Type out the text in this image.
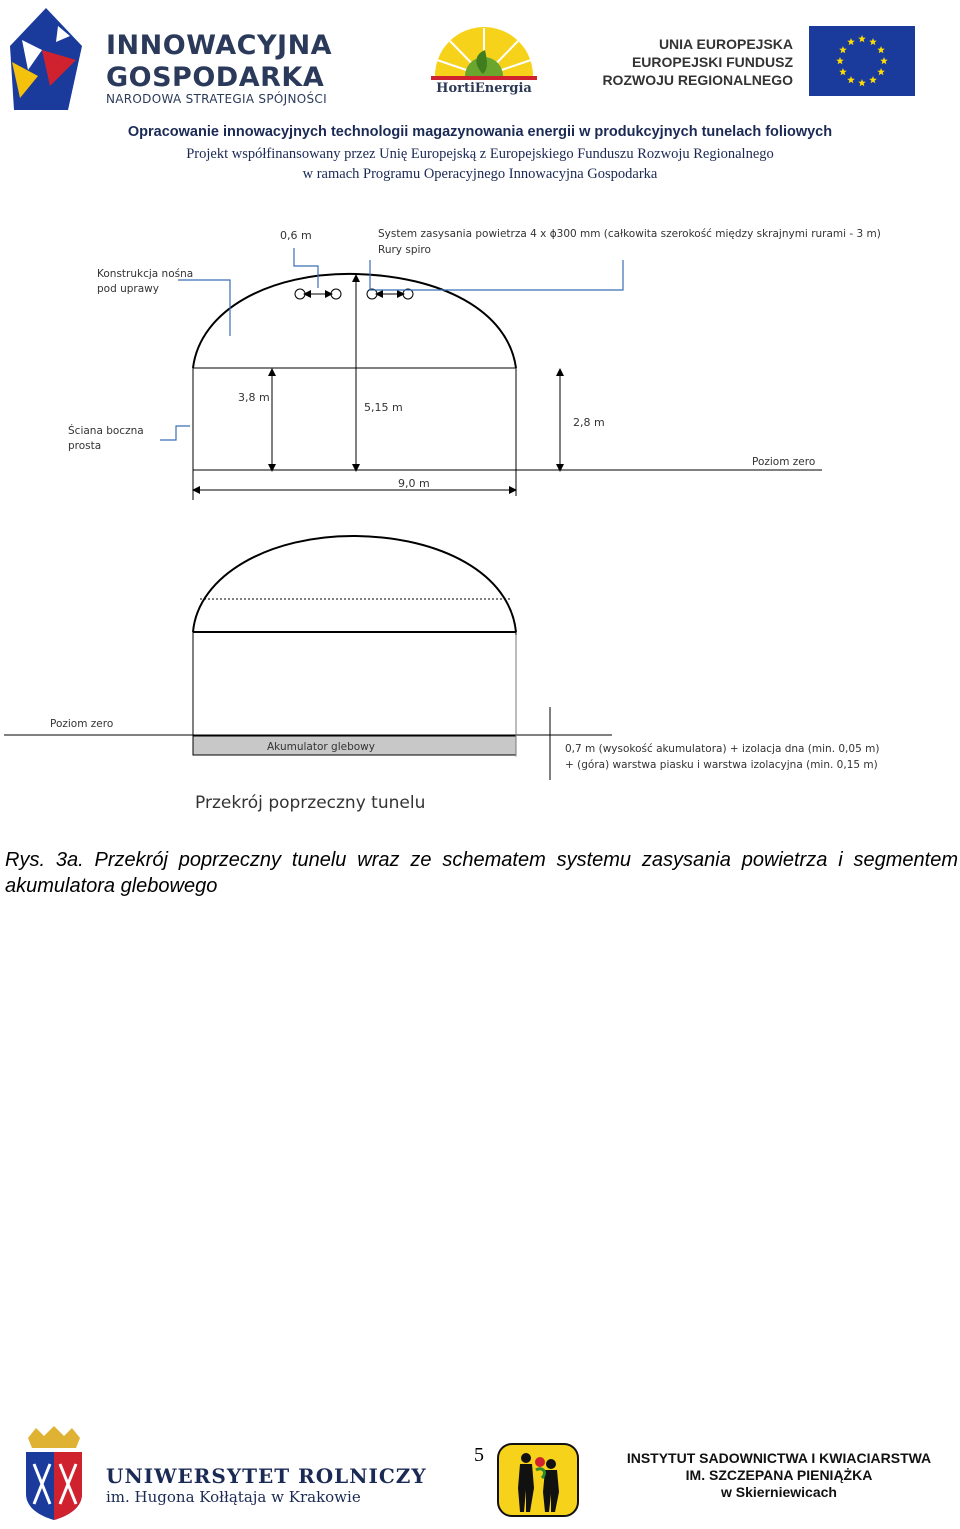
INNOWACYJNA
GOSPODARKA
NARODOWA STRATEGIA SPÓJNOŚCI
HortiEnergia
UNIA EUROPEJSKA
EUROPEJSKI FUNDUSZ
ROZWOJU REGIONALNEGO
Opracowanie innowacyjnych technologii magazynowania energii w produkcyjnych tunelach foliowych
Projekt współfinansowany przez Unię Europejską z Europejskiego Funduszu Rozwoju Regionalnego
w ramach Programu Operacyjnego Innowacyjna Gospodarka
0,6 m	System zasysania powietrza 4 x ϕ300 mm (całkowita szerokość między skrajnymi rurami - 3 m)
Rury spiro
Konstrukcja nośna
pod uprawy
Ściana boczna
prosta
3,8 m
5,15 m
2,8 m
9,0 m
Poziom zero
Poziom zero
Akumulator glebowy	0,7 m (wysokość akumulatora) + izolacja dna (min. 0,05 m)
+ (góra) warstwa piasku i warstwa izolacyjna (min. 0,15 m)
Przekrój poprzeczny tunelu
Rys. 3a. Przekrój poprzeczny tunelu wraz ze schematem systemu zasysania powietrza i segmentem akumulatora glebowego
UNIWERSYTET ROLNICZY
im. Hugona Kołłątaja w Krakowie
5	INSTYTUT SADOWNICTWA I KWIACIARSTWA
IM. SZCZEPANA PIENIĄŻKA
w Skierniewicach
